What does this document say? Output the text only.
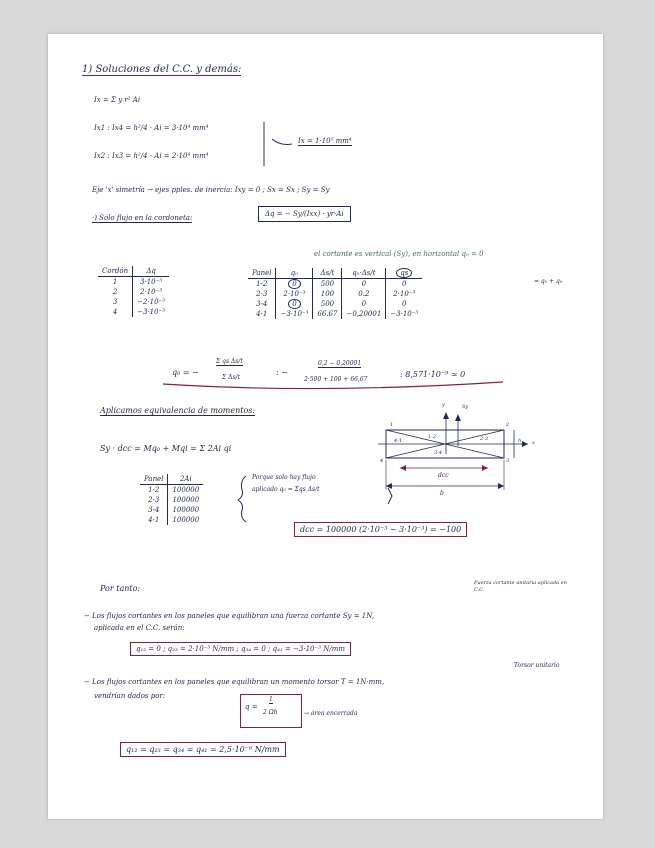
1) Soluciones del C.C. y demás:
Ix = Σ y r² Ai
Ix1 : Ix4 = h²/4 · Ai = 3·10⁴ mm⁴
Ix2 : Ix3 = h²/4 · Ai = 2·10⁴ mm⁴
Ix = 1·10⁵ mm⁴
Eje 'x' simetría → ejes pples. de inercia: Ixy = 0 ; Sx = Sx ; Sy = Sy
·) Sólo flujo en la cordoneta:	Δq = − Sy/(Ixx) · yr·Ai
el cortante es vertical (Sy), en horizontal q₀ = 0
Cordón	Δq
1	3·10⁻³
2	2·10⁻³
3	−2·10⁻³
4	−3·10⁻³
Panel	q₀	Δs/t	q₀·Δs/t	qs
1-2	0	500	0	0
2-3	2·10⁻³	100	0.2	2·10⁻³
3-4	0	500	0	0
4-1	−3·10⁻³	66.67	−0,20001	−3·10⁻³
= q₀ + q₀
q₀ = −
Σ qs Δs/t
Σ Δs/t
: −
0,2 − 0,20001
2·500 + 100 + 66,67
: 8,571·10⁻⁹ ≃ 0
Aplicamos equivalencia de momentos:
Sy · dcc = Mq₀ + Mqi = Σ 2Ai qi
y	Sy
h x
1	2
3
4
1-2	2-3
3-4
4-1
dcc
b
Panel	2Ai
1-2	100000
2-3	100000
3-4	100000
4-1	100000
Porque solo hay flujo
aplicado q₀ = Σqs Δs/t
dcc = 100000 (2·10⁻³ − 3·10⁻³) = −100
Por tanto:
Fuerza cortante unitaria aplicada en C.C.
− Los flujos cortantes en los paneles que equilibran una fuerza cortante Sy = 1N,
aplicada en el C.C. serán:
q₁₂ = 0 ; q₂₃ = 2·10⁻³ N/mm ; q₃₄ = 0 ; q₄₁ = −3·10⁻³ N/mm
Torsor unitario
− Los flujos cortantes en los paneles que equilibran un momento torsor T = 1N·mm,
vendrían dados por:
q =
1
2 Ωh	→ área encerrada
q₁₂ = q₂₃ = q₃₄ = q₄₁ = 2,5·10⁻⁶ N/mm
